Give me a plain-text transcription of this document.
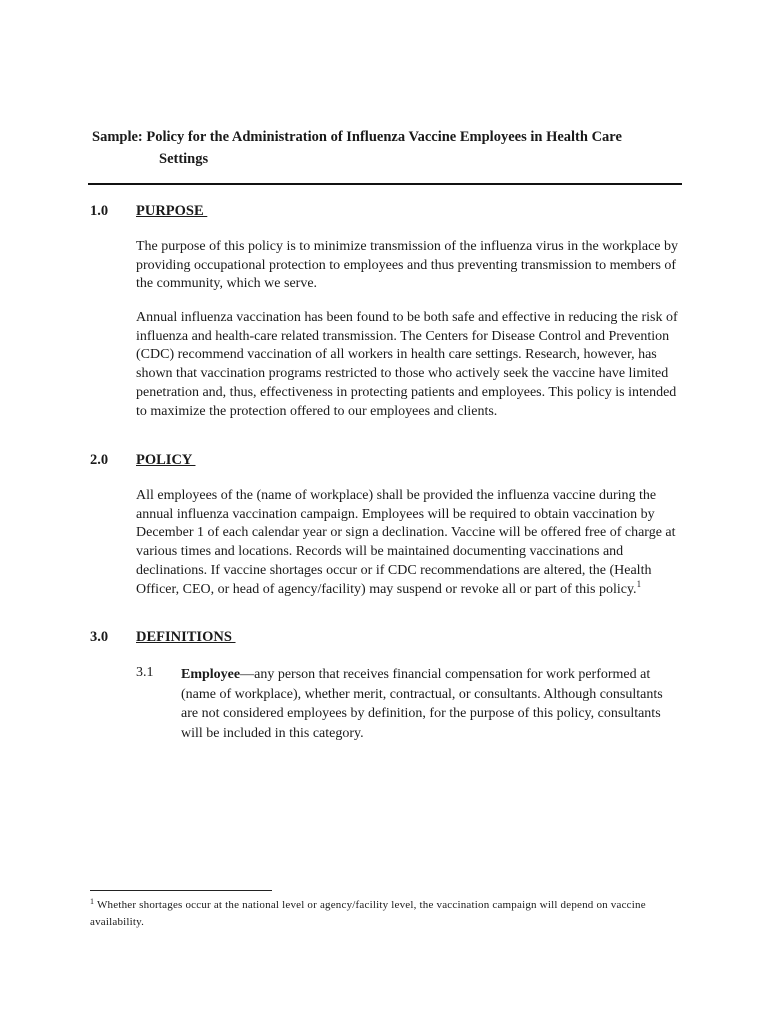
Sample: Policy for the Administration of Influenza Vaccine Employees in Health Care
Settings
1.0 PURPOSE
The purpose of this policy is to minimize transmission of the influenza virus in the workplace by providing occupational protection to employees and thus preventing transmission to members of the community, which we serve.
Annual influenza vaccination has been found to be both safe and effective in reducing the risk of influenza and health-care related transmission. The Centers for Disease Control and Prevention (CDC) recommend vaccination of all workers in health care settings. Research, however, has shown that vaccination programs restricted to those who actively seek the vaccine have limited penetration and, thus, effectiveness in protecting patients and employees. This policy is intended to maximize the protection offered to our employees and clients.
2.0 POLICY
All employees of the (name of workplace) shall be provided the influenza vaccine during the annual influenza vaccination campaign. Employees will be required to obtain vaccination by December 1 of each calendar year or sign a declination. Vaccine will be offered free of charge at various times and locations. Records will be maintained documenting vaccinations and declinations. If vaccine shortages occur or if CDC recommendations are altered, the (Health Officer, CEO, or head of agency/facility) may suspend or revoke all or part of this policy.$^1$
3.0 DEFINITIONS
3.1 Employee—any person that receives financial compensation for work performed at (name of workplace), whether merit, contractual, or consultants. Although consultants are not considered employees by definition, for the purpose of this policy, consultants will be included in this category.
$^1$ Whether shortages occur at the national level or agency/facility level, the vaccination campaign will depend on vaccine availability.
